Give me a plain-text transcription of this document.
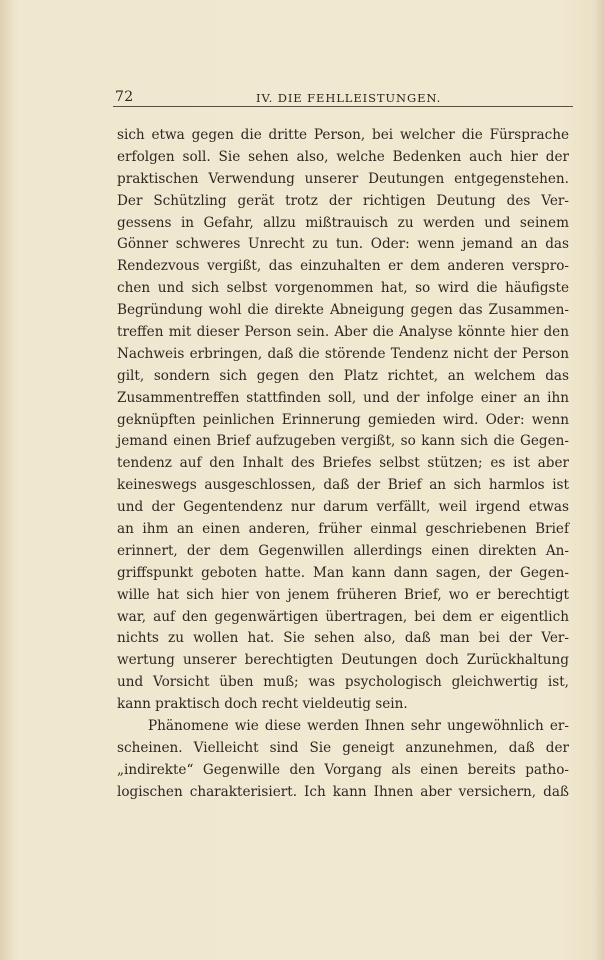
72	IV. DIE FEHLLEISTUNGEN.
sich etwa gegen die dritte Person, bei welcher die Fürsprache
erfolgen soll. Sie sehen also, welche Bedenken auch hier der
praktischen Verwendung unserer Deutungen entgegenstehen.
Der Schützling gerät trotz der richtigen Deutung des Ver-
gessens in Gefahr, allzu mißtrauisch zu werden und seinem
Gönner schweres Unrecht zu tun. Oder: wenn jemand an das
Rendezvous vergißt, das einzuhalten er dem anderen verspro-
chen und sich selbst vorgenommen hat, so wird die häufigste
Begründung wohl die direkte Abneigung gegen das Zusammen-
treffen mit dieser Person sein. Aber die Analyse könnte hier den
Nachweis erbringen, daß die störende Tendenz nicht der Person
gilt, sondern sich gegen den Platz richtet, an welchem das
Zusammentreffen stattfinden soll, und der infolge einer an ihn
geknüpften peinlichen Erinnerung gemieden wird. Oder: wenn
jemand einen Brief aufzugeben vergißt, so kann sich die Gegen-
tendenz auf den Inhalt des Briefes selbst stützen; es ist aber
keineswegs ausgeschlossen, daß der Brief an sich harmlos ist
und der Gegentendenz nur darum verfällt, weil irgend etwas
an ihm an einen anderen, früher einmal geschriebenen Brief
erinnert, der dem Gegenwillen allerdings einen direkten An-
griffspunkt geboten hatte. Man kann dann sagen, der Gegen-
wille hat sich hier von jenem früheren Brief, wo er berechtigt
war, auf den gegenwärtigen übertragen, bei dem er eigentlich
nichts zu wollen hat. Sie sehen also, daß man bei der Ver-
wertung unserer berechtigten Deutungen doch Zurückhaltung
und Vorsicht üben muß; was psychologisch gleichwertig ist,
kann praktisch doch recht vieldeutig sein.
Phänomene wie diese werden Ihnen sehr ungewöhnlich er-
scheinen. Vielleicht sind Sie geneigt anzunehmen, daß der
„indirekte“ Gegenwille den Vorgang als einen bereits patho-
logischen charakterisiert. Ich kann Ihnen aber versichern, daß
